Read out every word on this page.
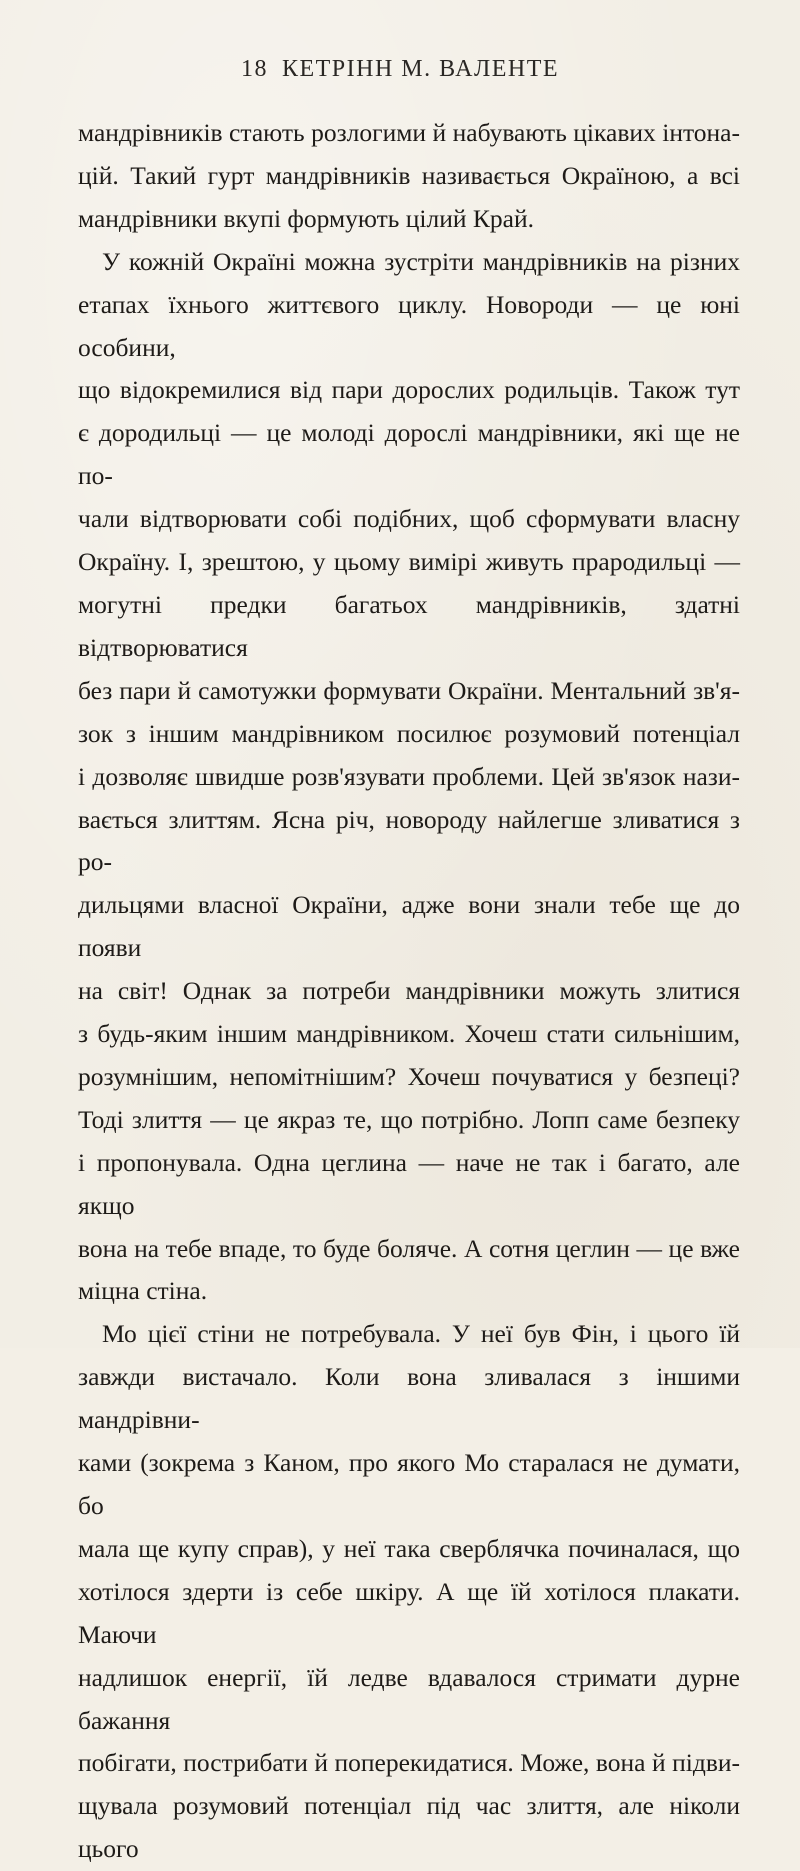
18 КЕТРІНН М. ВАЛЕНТЕ

мандрівників стають розлогими й набувають цікавих інтона-

цій. Такий гурт мандрівників називається Окраїною, а всі

мандрівники вкупі формують цілий Край.

У кожній Окраїні можна зустріти мандрівників на різних

етапах їхнього життєвого циклу. Новороди — це юні особини,

що відокремилися від пари дорослих родильців. Також тут

є дородильці — це молоді дорослі мандрівники, які ще не по-

чали відтворювати собі подібних, щоб сформувати власну

Окраїну. І, зрештою, у цьому вимірі живуть прародильці —

могутні предки багатьох мандрівників, здатні відтворюватися

без пари й самотужки формувати Окраїни. Ментальний зв'я-

зок з іншим мандрівником посилює розумовий потенціал

і дозволяє швидше розв'язувати проблеми. Цей зв'язок нази-

вається злиттям. Ясна річ, новороду найлегше зливатися з ро-

дильцями власної Окраїни, адже вони знали тебе ще до появи

на світ! Однак за потреби мандрівники можуть злитися

з будь-яким іншим мандрівником. Хочеш стати сильнішим,

розумнішим, непомітнішим? Хочеш почуватися у безпеці?

Тоді злиття — це якраз те, що потрібно. Лопп саме безпеку

і пропонувала. Одна цеглина — наче не так і багато, але якщо

вона на тебе впаде, то буде боляче. А сотня цеглин — це вже

міцна стіна.

Мо цієї стіни не потребувала. У неї був Фін, і цього їй

завжди вистачало. Коли вона зливалася з іншими мандрівни-

ками (зокрема з Каном, про якого Мо старалася не думати, бо

мала ще купу справ), у неї така сверблячка починалася, що

хотілося здерти із себе шкіру. А ще їй хотілося плакати. Маючи

надлишок енергії, їй ледве вдавалося стримати дурне бажання

побігати, пострибати й поперекидатися. Може, вона й підви-

щувала розумовий потенціал під час злиття, але ніколи цього
